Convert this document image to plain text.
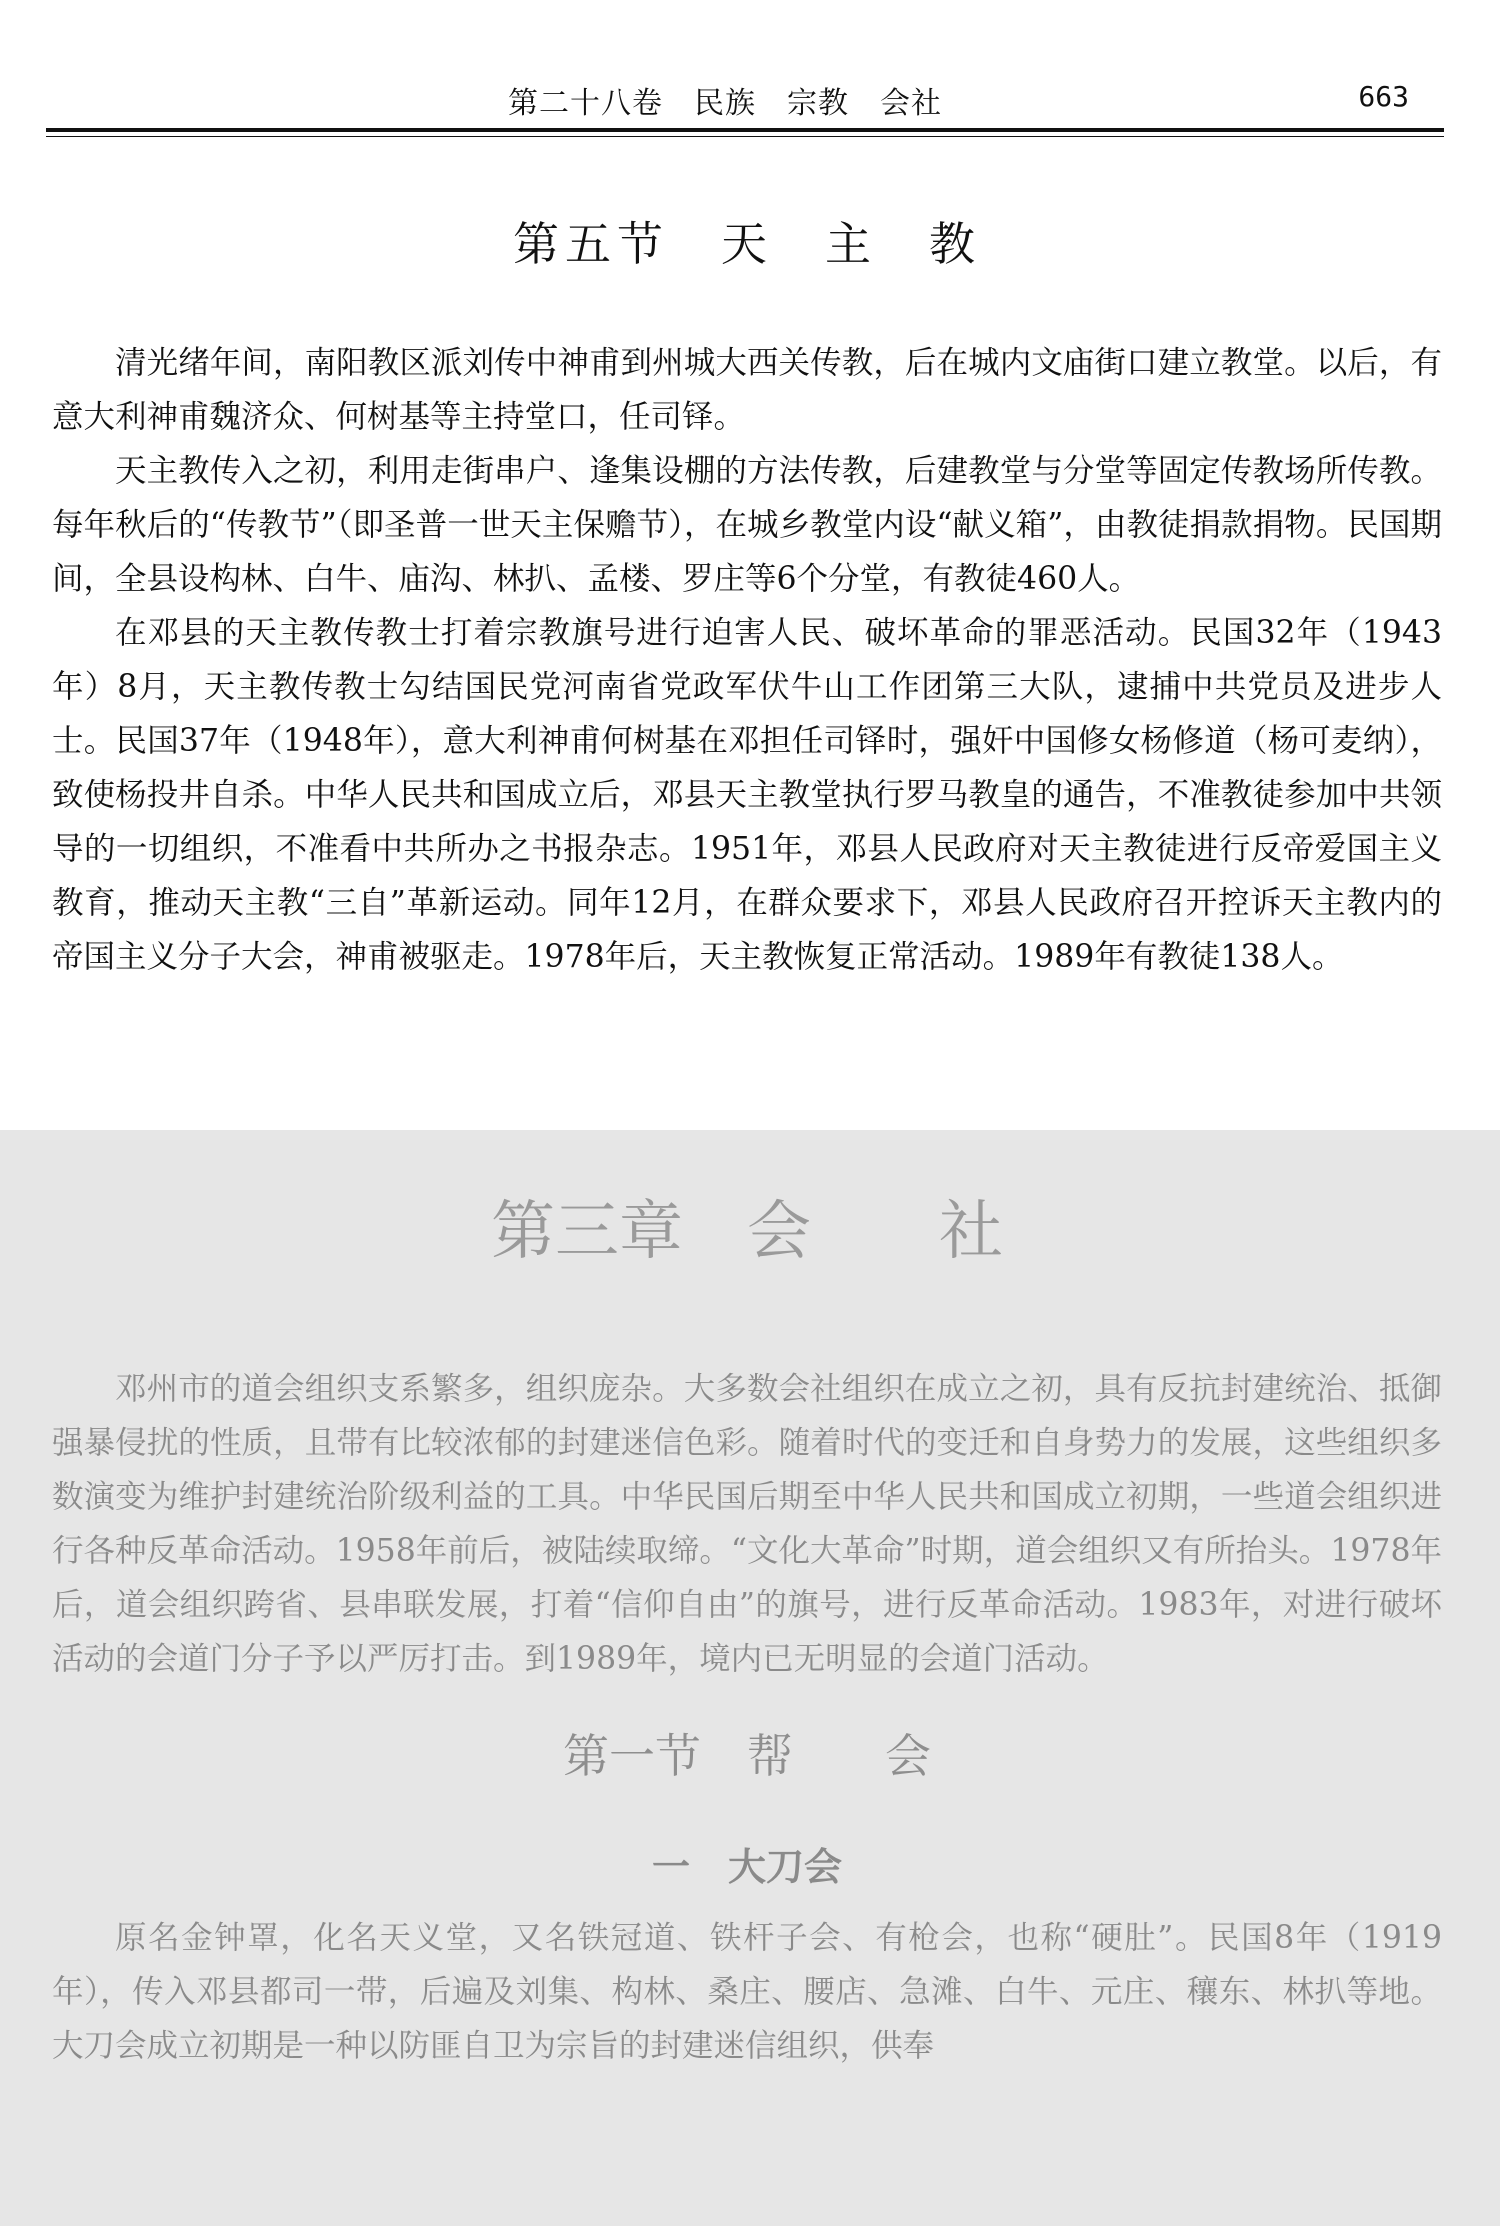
第二十八卷　民族　宗教　会社	663
第五节　天　主　教

清光绪年间，南阳教区派刘传中神甫到州城大西关传教，后在城内文庙街口建立教堂。以后，有意大利神甫魏济众、何树基等主持堂口，任司铎。

天主教传入之初，利用走街串户、逢集设棚的方法传教，后建教堂与分堂等固定传教场所传教。每年秋后的“传教节”（即圣普一世天主保赡节），在城乡教堂内设“献义箱”，由教徒捐款捐物。民国期间，全县设构林、白牛、庙沟、林扒、孟楼、罗庄等6个分堂，有教徒460人。

在邓县的天主教传教士打着宗教旗号进行迫害人民、破坏革命的罪恶活动。民国32年（1943年）8月，天主教传教士勾结国民党河南省党政军伏牛山工作团第三大队，逮捕中共党员及进步人士。民国37年（1948年），意大利神甫何树基在邓担任司铎时，强奸中国修女杨修道（杨可麦纳），致使杨投井自杀。中华人民共和国成立后，邓县天主教堂执行罗马教皇的通告，不准教徒参加中共领导的一切组织，不准看中共所办之书报杂志。1951年，邓县人民政府对天主教徒进行反帝爱国主义教育，推动天主教“三自”革新运动。同年12月，在群众要求下，邓县人民政府召开控诉天主教内的帝国主义分子大会，神甫被驱走。1978年后，天主教恢复正常活动。1989年有教徒138人。

第三章　会　　社

邓州市的道会组织支系繁多，组织庞杂。大多数会社组织在成立之初，具有反抗封建统治、抵御强暴侵扰的性质，且带有比较浓郁的封建迷信色彩。随着时代的变迁和自身势力的发展，这些组织多数演变为维护封建统治阶级利益的工具。中华民国后期至中华人民共和国成立初期，一些道会组织进行各种反革命活动。1958年前后，被陆续取缔。“文化大革命”时期，道会组织又有所抬头。1978年后，道会组织跨省、县串联发展，打着“信仰自由”的旗号，进行反革命活动。1983年，对进行破坏活动的会道门分子予以严厉打击。到1989年，境内已无明显的会道门活动。

第一节　帮　　会
一　大刀会

原名金钟罩，化名天义堂，又名铁冠道、铁杆子会、有枪会，也称“硬肚”。民国8年（1919年），传入邓县都司一带，后遍及刘集、构林、桑庄、腰店、急滩、白牛、元庄、穰东、林扒等地。大刀会成立初期是一种以防匪自卫为宗旨的封建迷信组织，供奉
